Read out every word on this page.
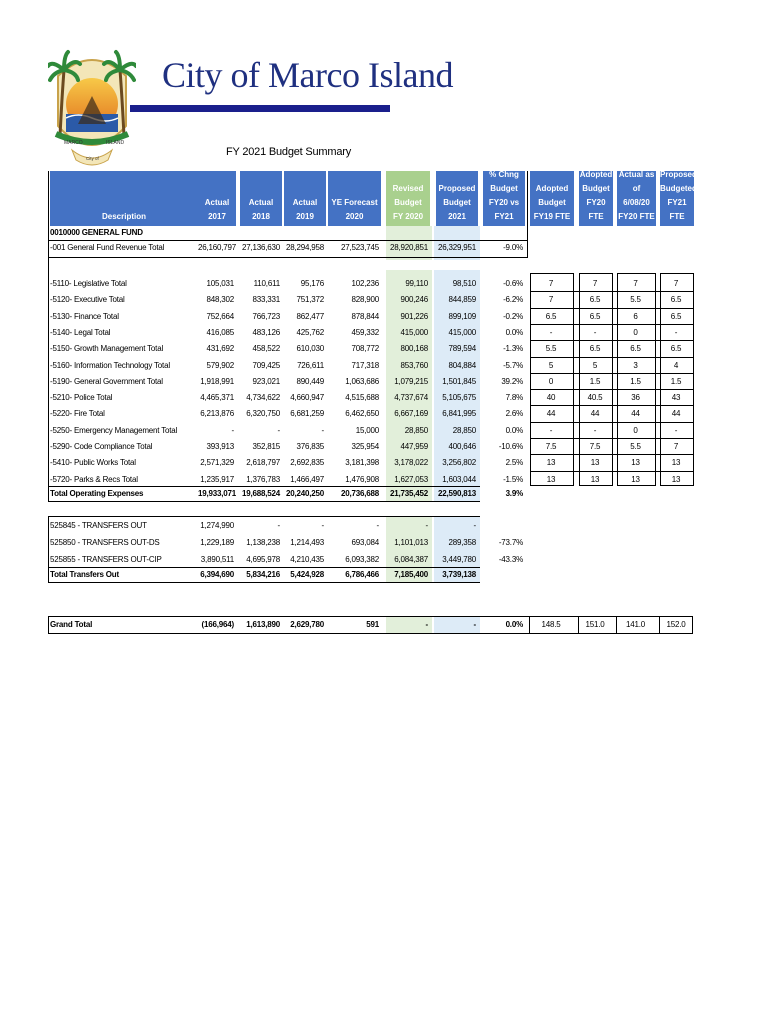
MARCO	ISLAND
City of
City of Marco Island
FY 2021 Budget Summary
Description
Actual
2017
Actual
2018
Actual
2019
YE Forecast
2020
Revised
Budget
FY 2020
Proposed
Budget
2021
% Chng
Budget
FY20 vs FY21
Adopted
Budget
FY19 FTE
Adopted
Budget
FY20 FTE
Actual as of
6/08/20
FY20 FTE
Proposed
Budgeted
FY21 FTE
0010000 GENERAL FUND
-001 General Fund Revenue Total	26,160,797 27,136,630 28,294,958	27,523,745	28,920,851 26,329,951	-9.0%
-5110- Legislative Total	105,031	110,611	95,176	102,236	99,110	98,510	-0.6%	7	7	7	7
-5120- Executive Total	848,302	833,331	751,372	828,900	900,246	844,859	-6.2%	7	6.5	5.5	6.5
-5130- Finance Total	752,664	766,723	862,477	878,844	901,226	899,109	-0.2%	6.5	6.5	6	6.5
-5140- Legal Total	416,085	483,126	425,762	459,332	415,000	415,000	0.0%	-	-	0	-
-5150- Growth Management Total	431,692	458,522	610,030	708,772	800,168	789,594	-1.3%	5.5	6.5	6.5	6.5
-5160- Information Technology Total	579,902	709,425	726,611	717,318	853,760	804,884	-5.7%	5	5	3	4
-5190- General Government Total	1,918,991	923,021	890,449	1,063,686	1,079,215	1,501,845	39.2%	0	1.5	1.5	1.5
-5210- Police Total	4,465,371	4,734,622	4,660,947	4,515,688	4,737,674	5,105,675	7.8%	40	40.5	36	43
-5220- Fire Total	6,213,876	6,320,750	6,681,259	6,462,650	6,667,169	6,841,995	2.6%	44	44	44	44
-5250- Emergency Management Total	-	-	-	15,000	28,850	28,850	0.0%	-	-	0	-
-5290- Code Compliance Total	393,913	352,815	376,835	325,954	447,959	400,646	-10.6%	7.5	7.5	5.5	7
-5410- Public Works Total	2,571,329	2,618,797	2,692,835	3,181,398	3,178,022	3,256,802	2.5%	13	13	13	13
-5720- Parks & Recs Total	1,235,917	1,376,783	1,466,497	1,476,908	1,627,053	1,603,044	-1.5%	13	13	13	13
Total Operating Expenses	19,933,071 19,688,524 20,240,250	20,736,688	21,735,452 22,590,813	3.9%
525845 - TRANSFERS OUT	1,274,990	-	-	-	-	-
525850 - TRANSFERS OUT-DS	1,229,189	1,138,238	1,214,493	693,084	1,101,013	289,358	-73.7%
525855 - TRANSFERS OUT-CIP	3,890,511	4,695,978	4,210,435	6,093,382	6,084,387	3,449,780	-43.3%
Total Transfers Out	6,394,690	5,834,216	5,424,928	6,786,466	7,185,400	3,739,138
Grand Total	(166,964)	1,613,890	2,629,780	591	-	-	0.0%	148.5	151.0	141.0	152.0
